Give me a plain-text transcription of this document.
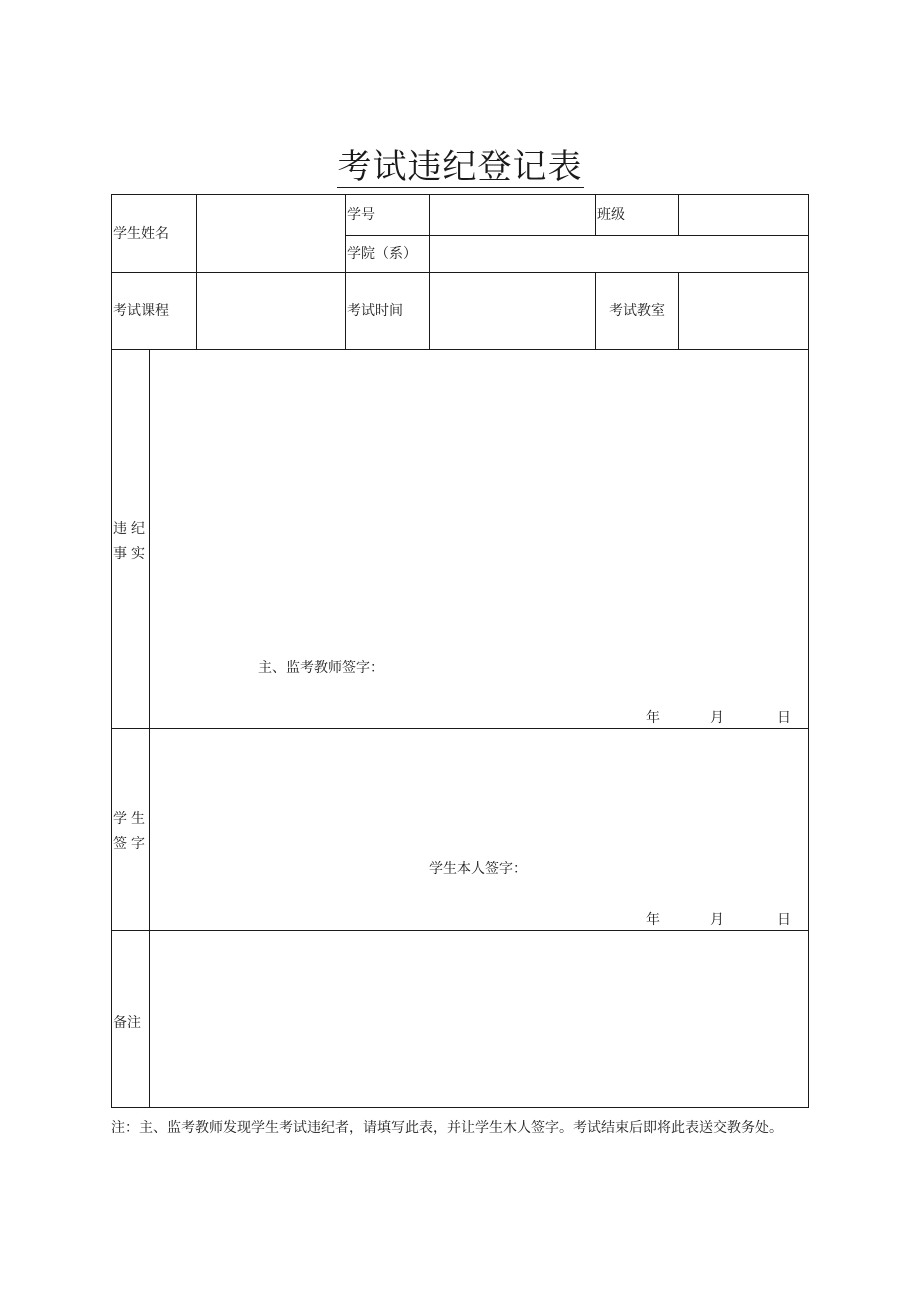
考试违纪登记表
学生姓名
学号	班级
学院（系）
考试课程	考试时间	考试教室
违纪事实
主、监考教师签字：
年	月	日
学生签字
学生本人签字：
年	月	日
备注
注：主、监考教师发现学生考试违纪者，请填写此表，并让学生木人签字。考试结束后即将此表送交教务处。
